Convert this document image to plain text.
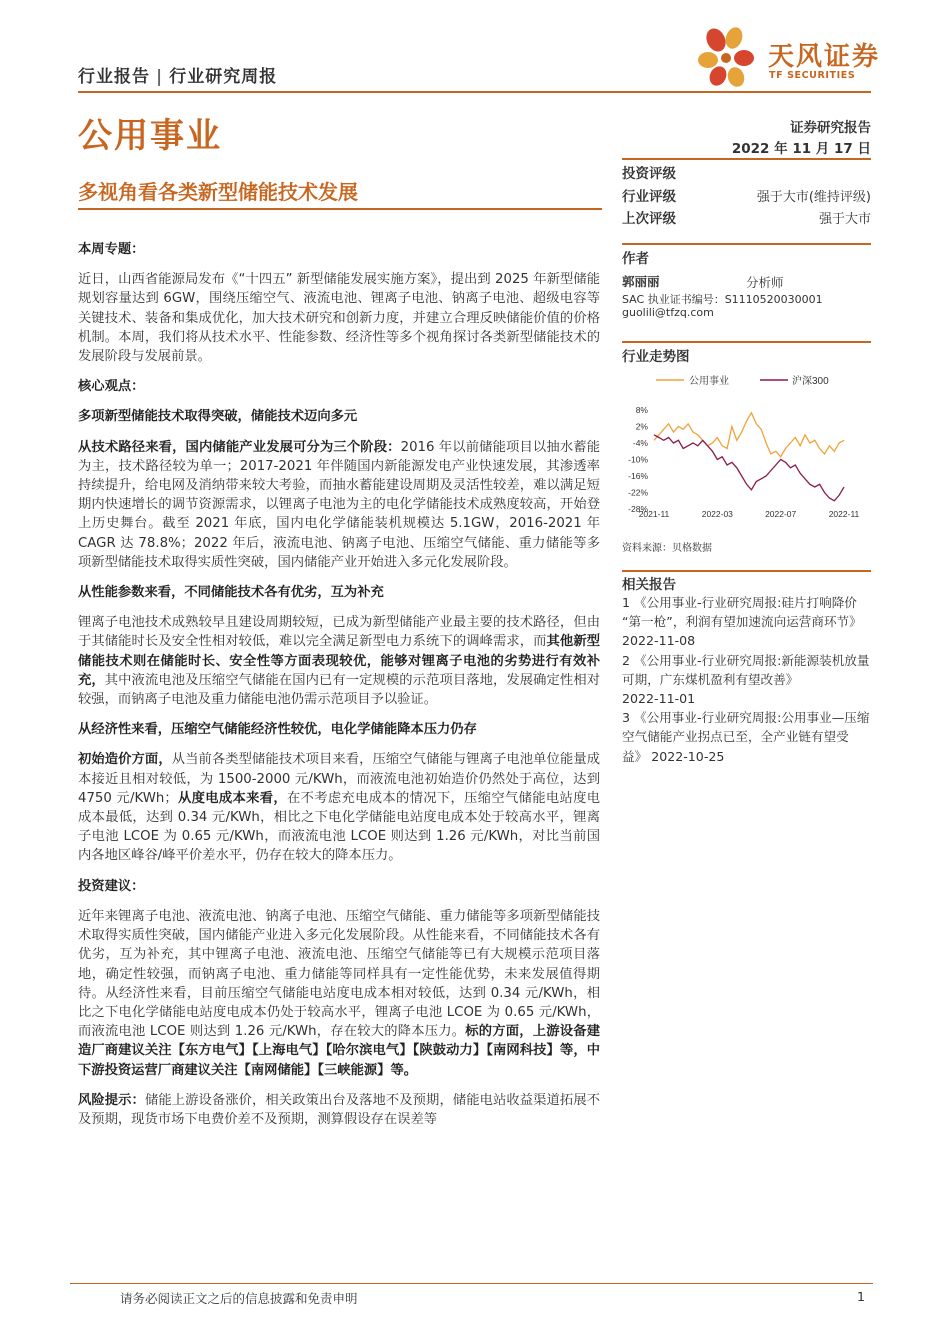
行业报告 | 行业研究周报
天风证券
TF SECURITIES
公用事业
多视角看各类新型储能技术发展
证券研究报告
2022 年 11 月 17 日
投资评级
行业评级	强于大市(维持评级)
上次评级	强于大市
作者
郭丽丽	分析师
SAC 执业证书编号：S1110520030001
guolili@tfzq.com
行业走势图
公用事业	沪深300
8%
2%
-4%
-10%
-16%
-22%
-28%
2021-11	2022-03	2022-07	2022-11
资料来源：贝格数据
相关报告

1 《公用事业-行业研究周报:硅片打响降价 “第一枪”，利润有望加速流向运营商环节》 2022-11-08

2 《公用事业-行业研究周报:新能源装机放量可期，广东煤机盈利有望改善》
2022-11-01

3 《公用事业-行业研究周报:公用事业—压缩空气储能产业拐点已至，全产业链有望受益》 2022-10-25

本周专题：

近日，山西省能源局发布《“十四五” 新型储能发展实施方案》，提出到 2025 年新型储能规划容量达到 6GW，围绕压缩空气、液流电池、锂离子电池、钠离子电池、超级电容等关键技术、装备和集成优化，加大技术研究和创新力度，并建立合理反映储能价值的价格机制。本周，我们将从技术水平、性能参数、经济性等多个视角探讨各类新型储能技术的发展阶段与发展前景。

核心观点：

多项新型储能技术取得突破，储能技术迈向多元

从技术路径来看，国内储能产业发展可分为三个阶段：2016 年以前储能项目以抽水蓄能为主，技术路径较为单一；2017-2021 年伴随国内新能源发电产业快速发展，其渗透率持续提升，给电网及消纳带来较大考验，而抽水蓄能建设周期及灵活性较差，难以满足短期内快速增长的调节资源需求，以锂离子电池为主的电化学储能技术成熟度较高，开始登上历史舞台。截至 2021 年底，国内电化学储能装机规模达 5.1GW，2016-2021 年 CAGR 达 78.8%；2022 年后，液流电池、钠离子电池、压缩空气储能、重力储能等多项新型储能技术取得实质性突破，国内储能产业开始进入多元化发展阶段。

从性能参数来看，不同储能技术各有优劣，互为补充

锂离子电池技术成熟较早且建设周期较短，已成为新型储能产业最主要的技术路径，但由于其储能时长及安全性相对较低，难以完全满足新型电力系统下的调峰需求，而其他新型储能技术则在储能时长、安全性等方面表现较优，能够对锂离子电池的劣势进行有效补充，其中液流电池及压缩空气储能在国内已有一定规模的示范项目落地，发展确定性相对较强，而钠离子电池及重力储能电池仍需示范项目予以验证。

从经济性来看，压缩空气储能经济性较优，电化学储能降本压力仍存

初始造价方面，从当前各类型储能技术项目来看，压缩空气储能与锂离子电池单位能量成本接近且相对较低，为 1500-2000 元/KWh，而液流电池初始造价仍然处于高位，达到 4750 元/KWh；从度电成本来看，在不考虑充电成本的情况下，压缩空气储能电站度电成本最低，达到 0.34 元/KWh，相比之下电化学储能电站度电成本处于较高水平，锂离子电池 LCOE 为 0.65 元/KWh，而液流电池 LCOE 则达到 1.26 元/KWh，对比当前国内各地区峰谷/峰平价差水平，仍存在较大的降本压力。

投资建议：

近年来锂离子电池、液流电池、钠离子电池、压缩空气储能、重力储能等多项新型储能技术取得实质性突破，国内储能产业进入多元化发展阶段。从性能来看，不同储能技术各有优劣，互为补充，其中锂离子电池、液流电池、压缩空气储能等已有大规模示范项目落地，确定性较强，而钠离子电池、重力储能等同样具有一定性能优势，未来发展值得期待。从经济性来看，目前压缩空气储能电站度电成本相对较低，达到 0.34 元/KWh，相比之下电化学储能电站度电成本仍处于较高水平，锂离子电池 LCOE 为 0.65 元/KWh，而液流电池 LCOE 则达到 1.26 元/KWh，存在较大的降本压力。标的方面，上游设备建造厂商建议关注【东方电气】【上海电气】【哈尔滨电气】【陕鼓动力】【南网科技】等，中下游投资运营厂商建议关注【南网储能】【三峡能源】等。

风险提示：储能上游设备涨价，相关政策出台及落地不及预期，储能电站收益渠道拓展不及预期，现货市场下电费价差不及预期，测算假设存在误差等

请务必阅读正文之后的信息披露和免责申明	1
